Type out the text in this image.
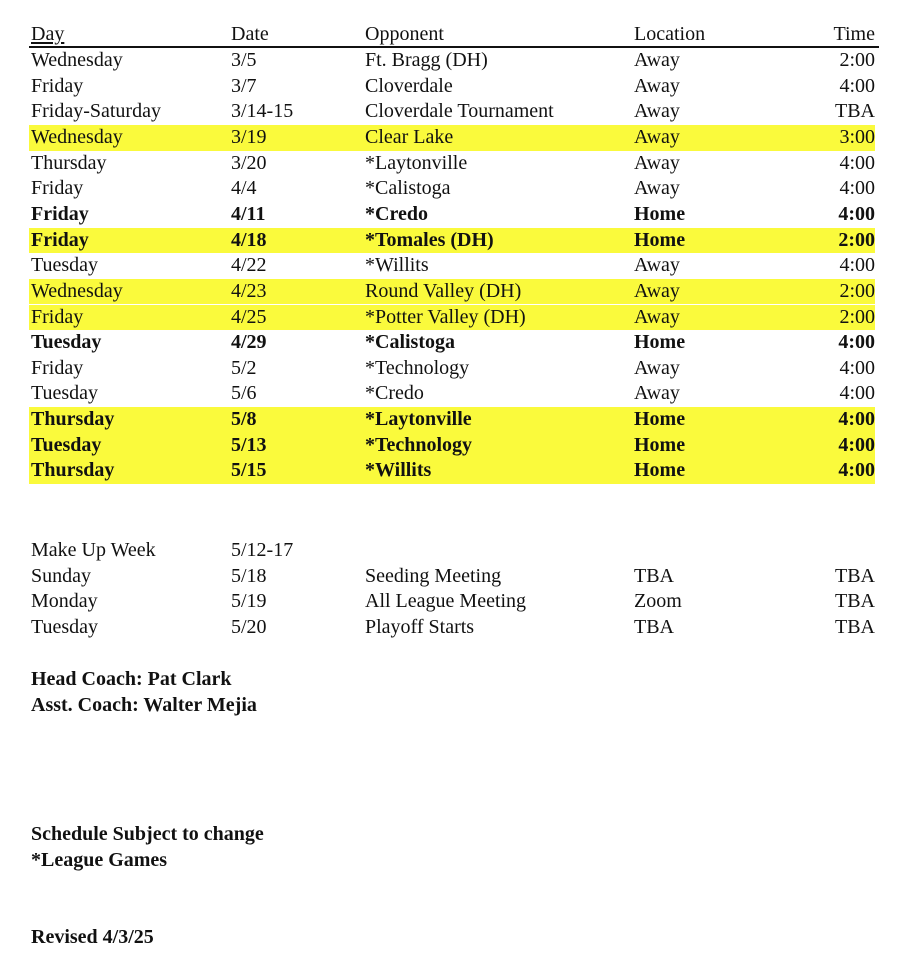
Day	Date	Opponent	Location	Time
Wednesday	3/5	Ft. Bragg (DH)	Away	2:00
Friday	3/7	Cloverdale	Away	4:00
Friday-Saturday	3/14-15	Cloverdale Tournament	Away	TBA
Wednesday	3/19	Clear Lake	Away	3:00
Thursday	3/20	*Laytonville	Away	4:00
Friday	4/4	*Calistoga	Away	4:00
Friday	4/11	*Credo	Home	4:00
Friday	4/18	*Tomales (DH)	Home	2:00
Tuesday	4/22	*Willits	Away	4:00
Wednesday	4/23	Round Valley (DH)	Away	2:00
Friday	4/25	*Potter Valley (DH)	Away	2:00
Tuesday	4/29	*Calistoga	Home	4:00
Friday	5/2	*Technology	Away	4:00
Tuesday	5/6	*Credo	Away	4:00
Thursday	5/8	*Laytonville	Home	4:00
Tuesday	5/13	*Technology	Home	4:00
Thursday	5/15	*Willits	Home	4:00
Make Up Week	5/12-17
Sunday	5/18	Seeding Meeting	TBA	TBA
Monday	5/19	All League Meeting	Zoom	TBA
Tuesday	5/20	Playoff Starts	TBA	TBA
Head Coach: Pat Clark
Asst. Coach: Walter Mejia
Schedule Subject to change
*League Games
Revised 4/3/25
